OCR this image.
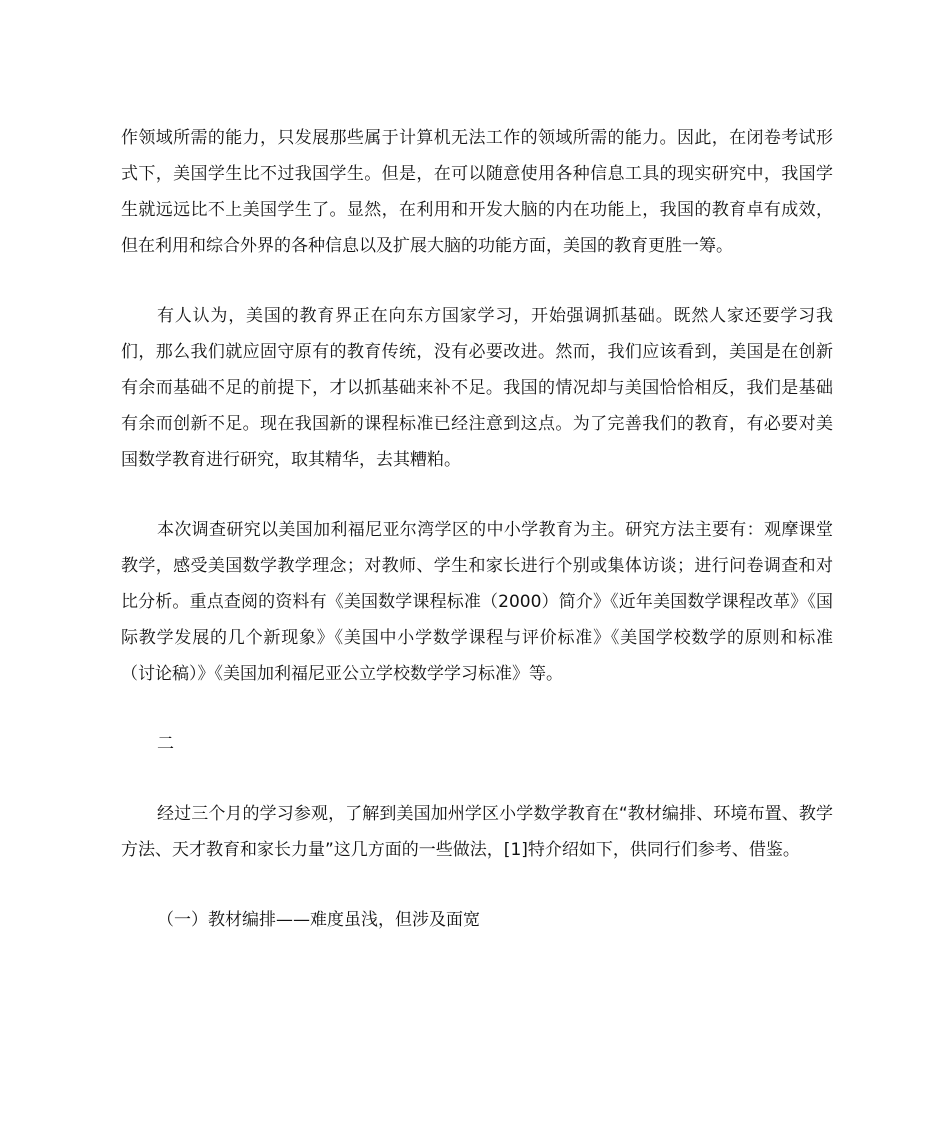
作领域所需的能力，只发展那些属于计算机无法工作的领域所需的能力。因此，在闭卷考试形式下，美国学生比不过我国学生。但是，在可以随意使用各种信息工具的现实研究中，我国学生就远远比不上美国学生了。显然，在利用和开发大脑的内在功能上，我国的教育卓有成效，但在利用和综合外界的各种信息以及扩展大脑的功能方面，美国的教育更胜一筹。

有人认为，美国的教育界正在向东方国家学习，开始强调抓基础。既然人家还要学习我们，那么我们就应固守原有的教育传统，没有必要改进。然而，我们应该看到，美国是在创新有余而基础不足的前提下，才以抓基础来补不足。我国的情况却与美国恰恰相反，我们是基础有余而创新不足。现在我国新的课程标准已经注意到这点。为了完善我们的教育，有必要对美国数学教育进行研究，取其精华，去其糟粕。

本次调查研究以美国加利福尼亚尔湾学区的中小学教育为主。研究方法主要有：观摩课堂教学，感受美国数学教学理念；对教师、学生和家长进行个别或集体访谈；进行问卷调查和对比分析。重点查阅的资料有《美国数学课程标准（2000）简介》《近年美国数学课程改革》《国际教学发展的几个新现象》《美国中小学数学课程与评价标准》《美国学校数学的原则和标准（讨论稿）》《美国加利福尼亚公立学校数学学习标准》等。

二

经过三个月的学习参观，了解到美国加州学区小学数学教育在“教材编排、环境布置、教学方法、天才教育和家长力量”这几方面的一些做法，[1]特介绍如下，供同行们参考、借鉴。

（一）教材编排——难度虽浅，但涉及面宽
